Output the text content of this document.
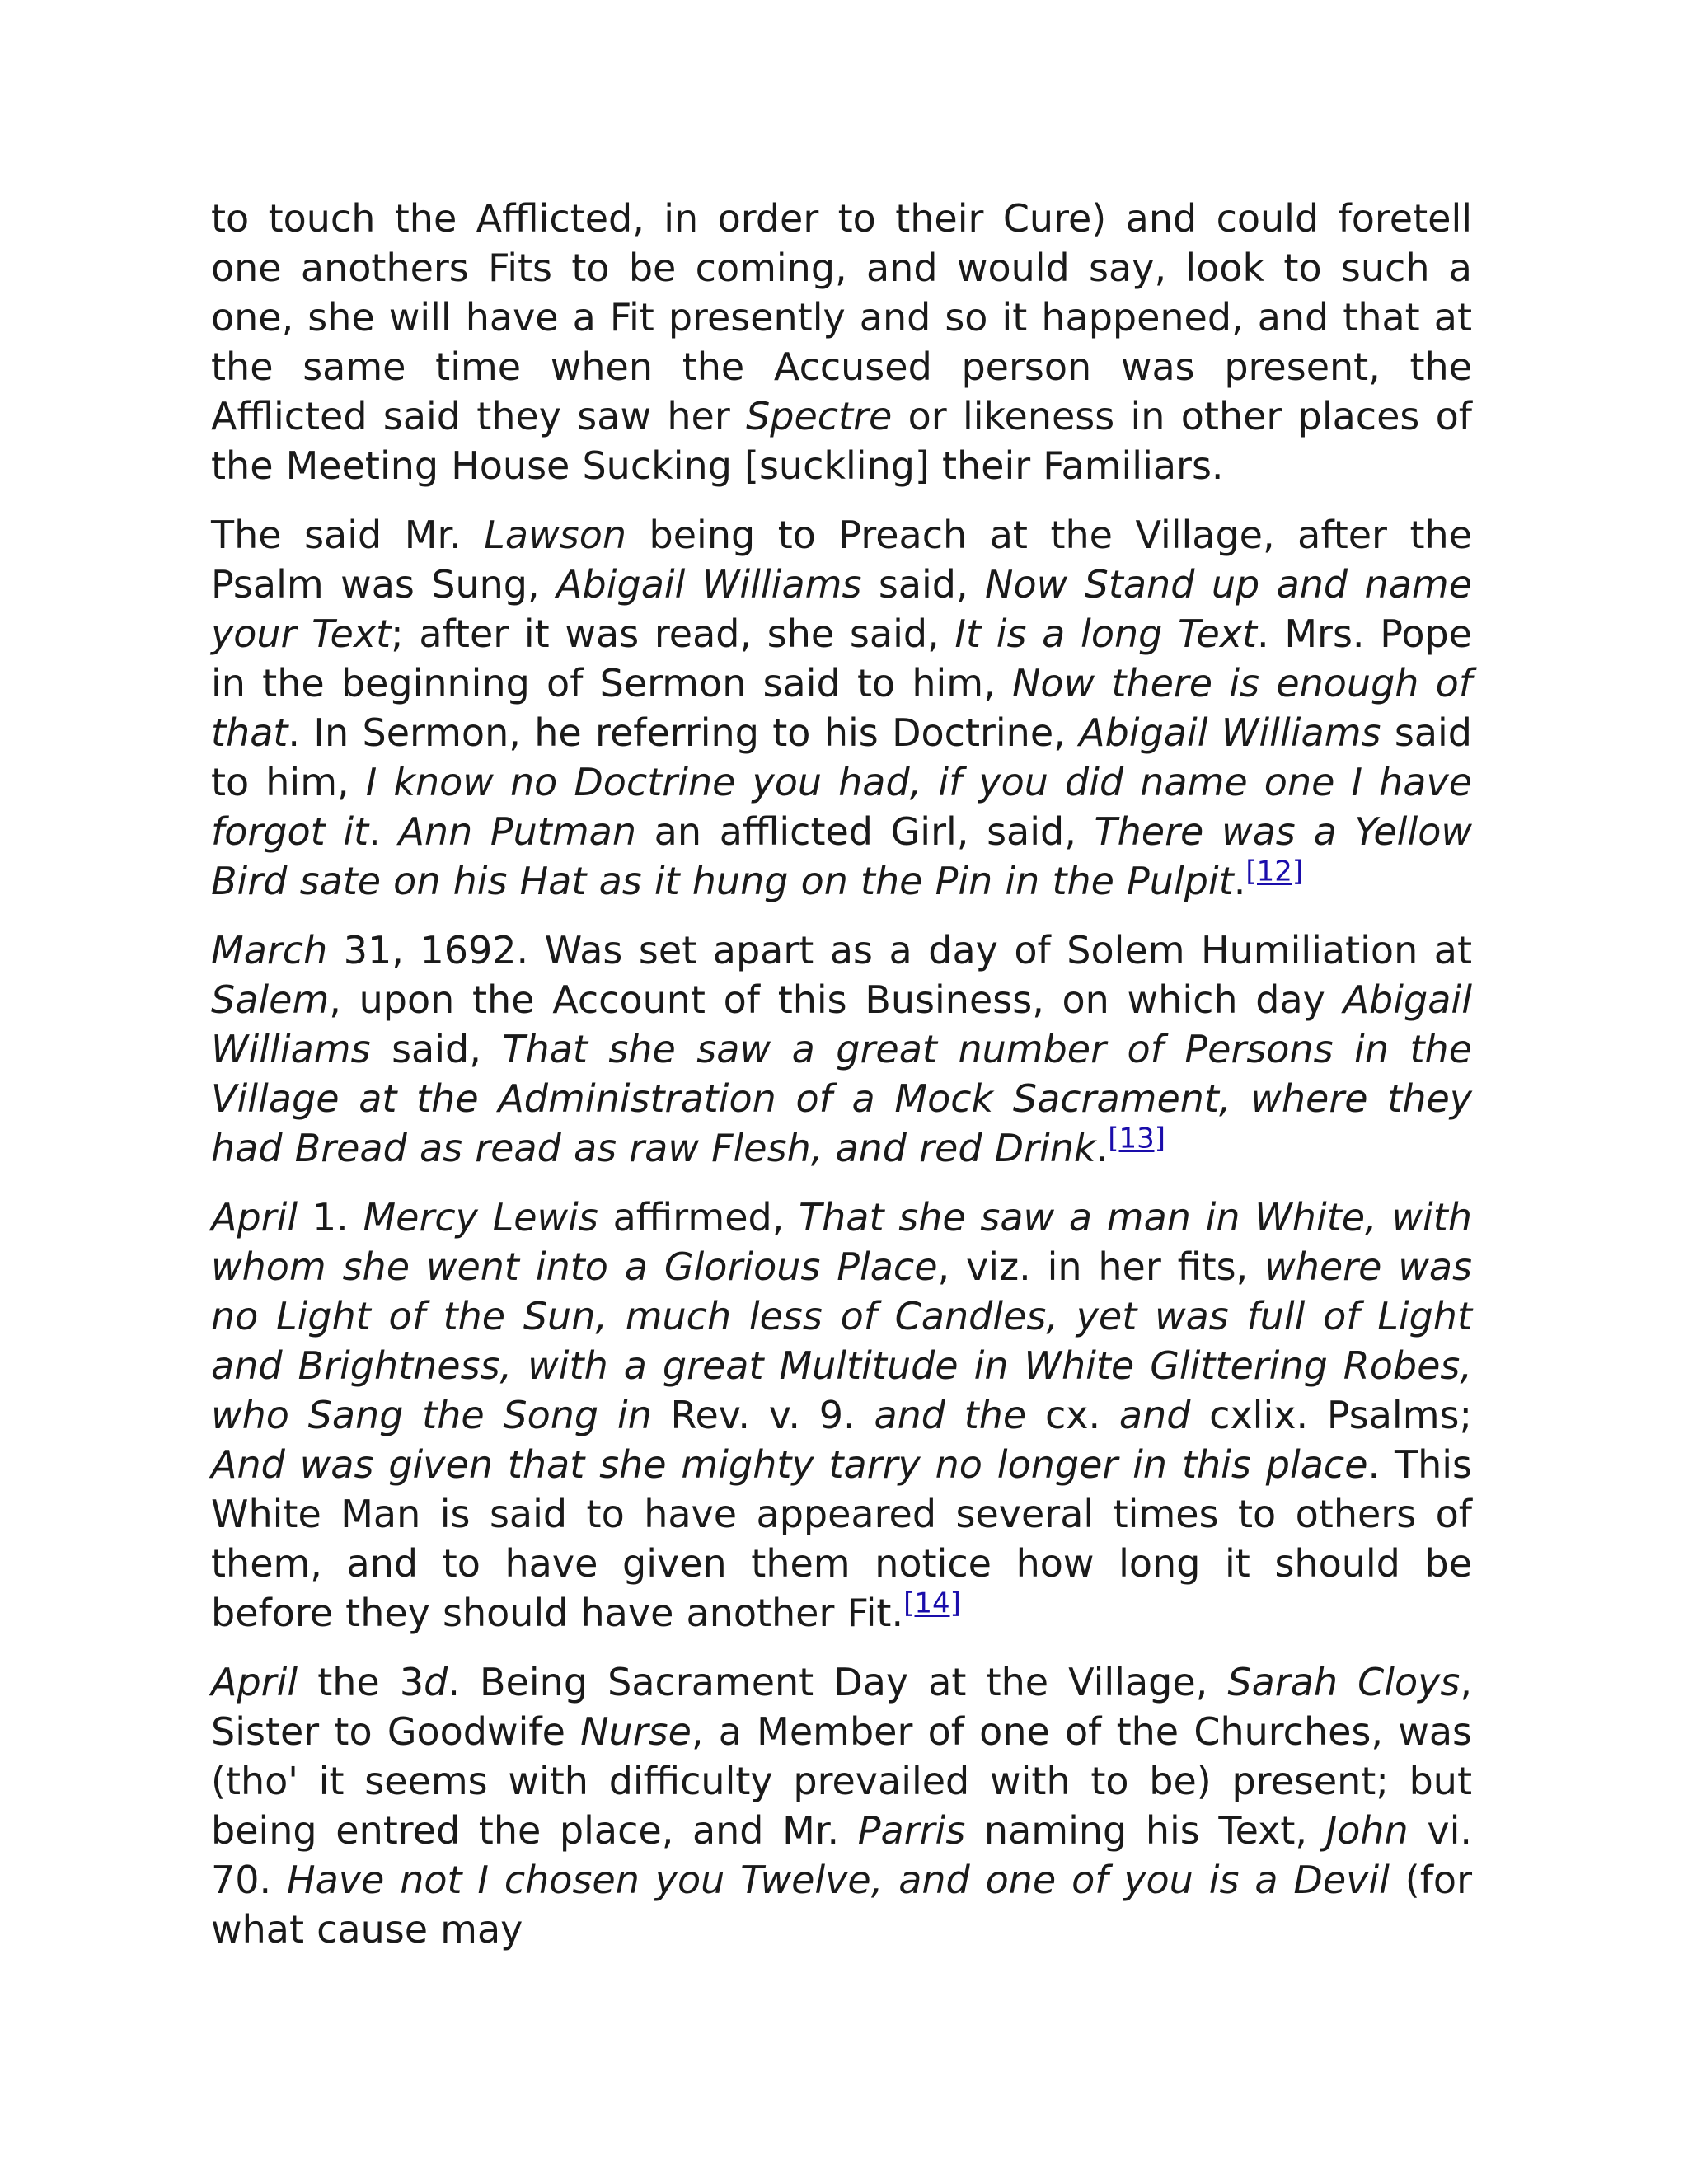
to touch the Afflicted, in order to their Cure) and could foretell one anothers Fits to be coming, and would say, look to such a one, she will have a Fit presently and so it happened, and that at the same time when the Accused person was present, the Afflicted said they saw her Spectre or likeness in other places of the Meeting House Sucking [suckling] their Familiars.

The said Mr. Lawson being to Preach at the Village, after the Psalm was Sung, Abigail Williams said, Now Stand up and name your Text; after it was read, she said, It is a long Text. Mrs. Pope in the beginning of Sermon said to him, Now there is enough of that. In Sermon, he referring to his Doctrine, Abigail Williams said to him, I know no Doctrine you had, if you did name one I have forgot it. Ann Putman an afflicted Girl, said, There was a Yellow Bird sate on his Hat as it hung on the Pin in the Pulpit.[12]

March 31, 1692. Was set apart as a day of Solem Humiliation at Salem, upon the Account of this Business, on which day Abigail Williams said, That she saw a great number of Persons in the Village at the Administration of a Mock Sacrament, where they had Bread as read as raw Flesh, and red Drink.[13]

April 1. Mercy Lewis affirmed, That she saw a man in White, with whom she went into a Glorious Place, viz. in her fits, where was no Light of the Sun, much less of Candles, yet was full of Light and Brightness, with a great Multitude in White Glittering Robes, who Sang the Song in Rev. v. 9. and the cx. and cxlix. Psalms; And was given that she mighty tarry no longer in this place. This White Man is said to have appeared several times to others of them, and to have given them notice how long it should be before they should have another Fit.[14]

April the 3d. Being Sacrament Day at the Village, Sarah Cloys, Sister to Goodwife Nurse, a Member of one of the Churches, was (tho' it seems with difficulty prevailed with to be) present; but being entred the place, and Mr. Parris naming his Text, John vi. 70. Have not I chosen you Twelve, and one of you is a Devil (for what cause may
